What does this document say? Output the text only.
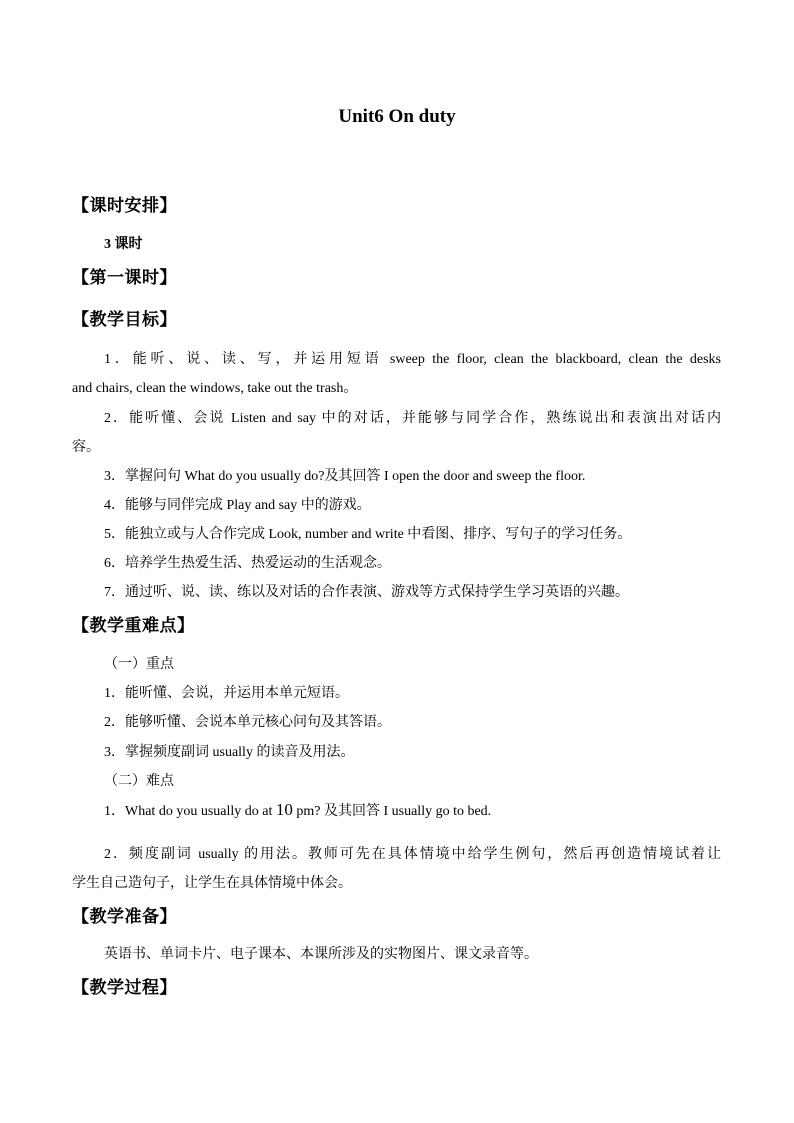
Unit6 On duty
【课时安排】
3 课时
【第一课时】
【教学目标】
1．能听、说、读、写，并运用短语 sweep the floor, clean the blackboard, clean the desks
and chairs, clean the windows, take out the trash。
2．能听懂、会说 Listen and say 中的对话，并能够与同学合作，熟练说出和表演出对话内
容。
3．掌握问句 What do you usually do?及其回答 I open the door and sweep the floor.
4．能够与同伴完成 Play and say 中的游戏。
5．能独立或与人合作完成 Look, number and write 中看图、排序、写句子的学习任务。
6．培养学生热爱生活、热爱运动的生活观念。
7．通过听、说、读、练以及对话的合作表演、游戏等方式保持学生学习英语的兴趣。
【教学重难点】
（一）重点
1．能听懂、会说，并运用本单元短语。
2．能够听懂、会说本单元核心问句及其答语。
3．掌握频度副词 usually 的读音及用法。
（二）难点
1．What do you usually do at 10 pm? 及其回答 I usually go to bed.
2．频度副词 usually 的用法。教师可先在具体情境中给学生例句，然后再创造情境试着让
学生自己造句子，让学生在具体情境中体会。
【教学准备】
英语书、单词卡片、电子课本、本课所涉及的实物图片、课文录音等。
【教学过程】
